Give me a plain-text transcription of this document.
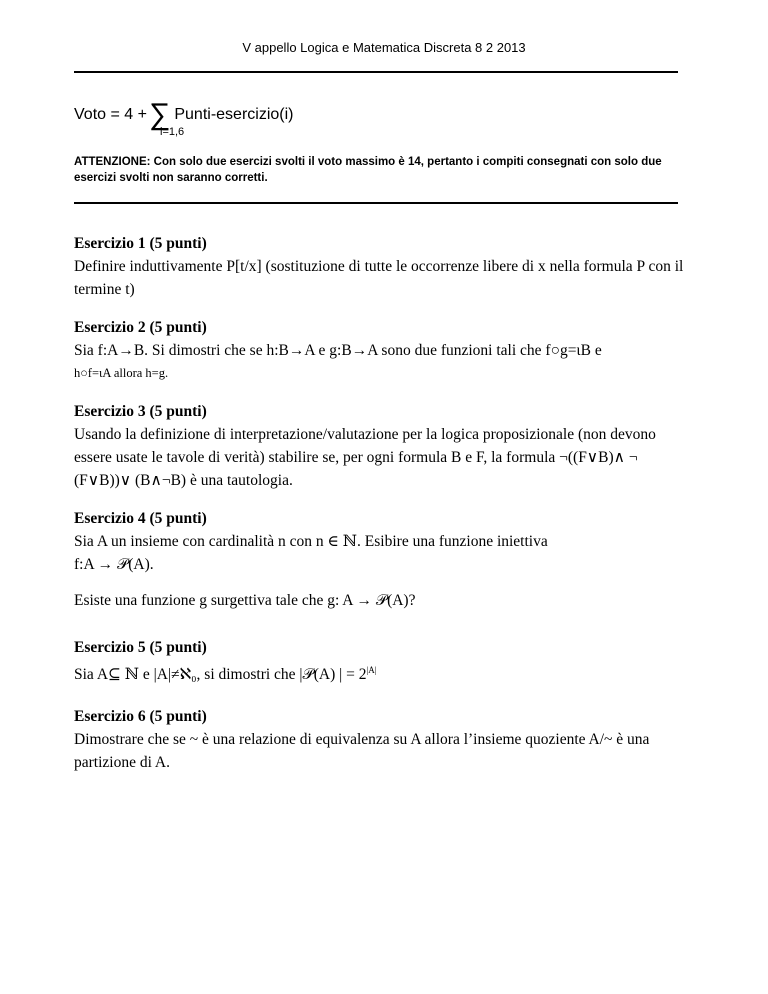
V appello Logica e Matematica Discreta 8 2 2013
Voto = 4 +∑ Punti-esercizio(i)
i=1,6
ATTENZIONE: Con solo due esercizi svolti il voto massimo è 14, pertanto i compiti consegnati con solo due esercizi svolti non saranno corretti.
Esercizio 1 (5 punti)

Definire induttivamente P[t/x] (sostituzione di tutte le occorrenze libere di x nella formula P con il termine t)

Esercizio 2 (5 punti)

Sia f:A→B. Si dimostri che se h:B→A e g:B→A sono due funzioni tali che f○g=ιB e

h○f=ιA allora h=g.

Esercizio 3 (5 punti)

Usando la definizione di interpretazione/valutazione per la logica proposizionale (non devono essere usate le tavole di verità) stabilire se, per ogni formula B e F, la formula ¬((F∨B)∧ ¬ (F∨B))∨ (B∧¬B) è una tautologia.

Esercizio 4 (5 punti)

Sia A un insieme con cardinalità n con n ∈ ℕ. Esibire una funzione iniettiva

f:A → 𝒫(A).

Esiste una funzione g surgettiva tale che g: A → 𝒫(A)?
Esercizio 5 (5 punti)

Sia A⊆ ℕ e |A|≠ℵ₀, si dimostri che |𝒫(A) | = $2^{|A|}$

Esercizio 6 (5 punti)

Dimostrare che se ~ è una relazione di equivalenza su A allora l’insieme quoziente A/~ è una partizione di A.
